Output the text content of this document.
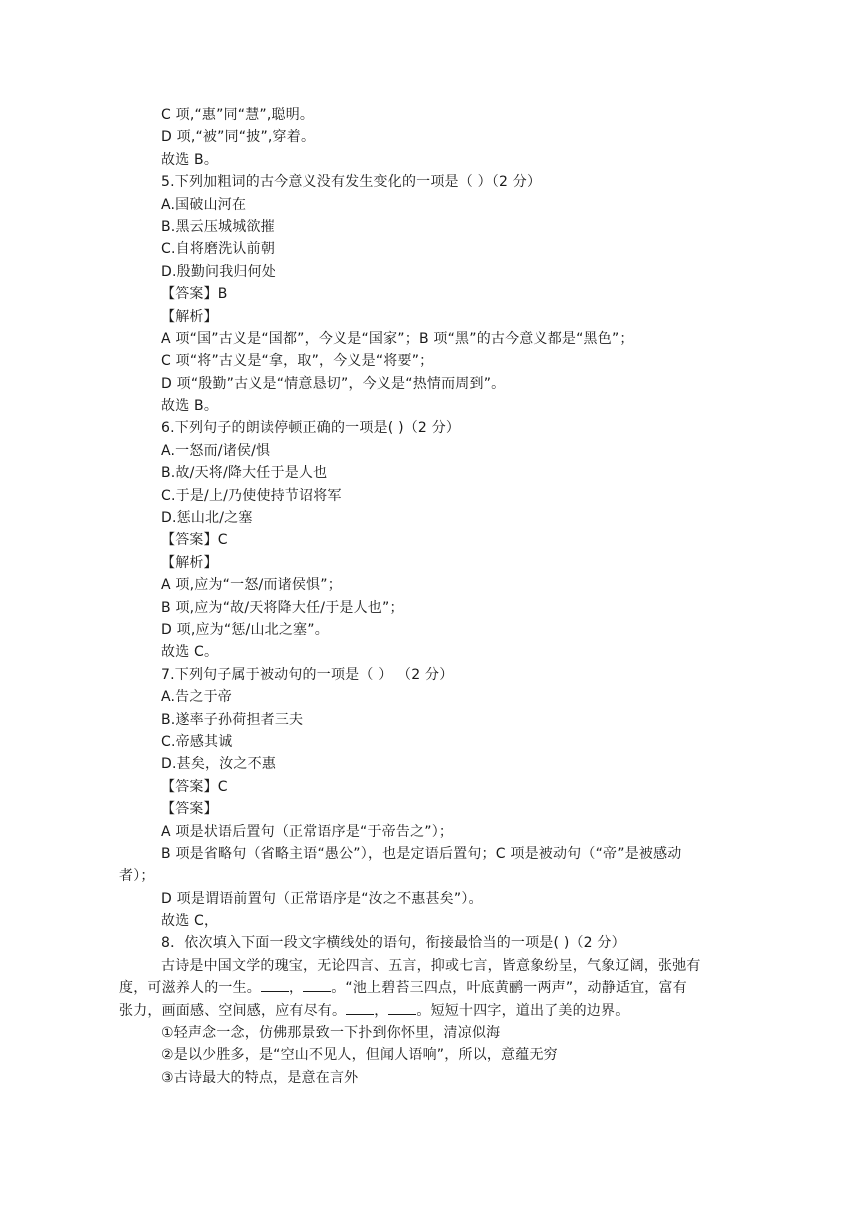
C 项,“惠”同“慧”,聪明。
D 项,“被”同“披”,穿着。
故选 B。
5.下列加粗词的古今意义没有发生变化的一项是（ ）（2 分）
A.国破山河在
B.黑云压城城欲摧
C.自将磨洗认前朝
D.殷勤问我归何处
【答案】B
【解析】
A 项“国”古义是“国都”，今义是“国家”；B 项“黑”的古今意义都是“黑色”；
C 项“将”古义是“拿，取”，今义是“将要”；
D 项“殷勤”古义是“情意恳切”，今义是“热情而周到”。
故选 B。
6.下列句子的朗读停顿正确的一项是( )（2 分）
A.一怒而/诸侯/惧
B.故/天将/降大任于是人也
C.于是/上/乃使使持节诏将军
D.惩山北/之塞
【答案】C
【解析】
A 项,应为“一怒/而诸侯惧”；
B 项,应为“故/天将降大任/于是人也”；
D 项,应为“惩/山北之塞”。
故选 C。
7.下列句子属于被动句的一项是（ ） （2 分）
A.告之于帝
B.遂率子孙荷担者三夫
C.帝感其诚
D.甚矣，汝之不惠
【答案】C
【答案】
A 项是状语后置句（正常语序是“于帝告之”）；
B 项是省略句（省略主语“愚公”），也是定语后置句；C 项是被动句（“帝”是被感动
者）；
D 项是谓语前置句（正常语序是“汝之不惠甚矣”）。
故选 C，
8．依次填入下面一段文字横线处的语句，衔接最恰当的一项是( )（2 分）
古诗是中国文学的瑰宝，无论四言、五言，抑或七言，皆意象纷呈，气象辽阔，张弛有
度，可滋养人的一生。 ， 。“池上碧苔三四点，叶底黄鹂一两声”，动静适宜，富有
张力，画面感、空间感，应有尽有。 ， 。短短十四字，道出了美的边界。
①轻声念一念，仿佛那景致一下扑到你怀里，清凉似海
②是以少胜多，是“空山不见人，但闻人语响”，所以，意蕴无穷
③古诗最大的特点，是意在言外
